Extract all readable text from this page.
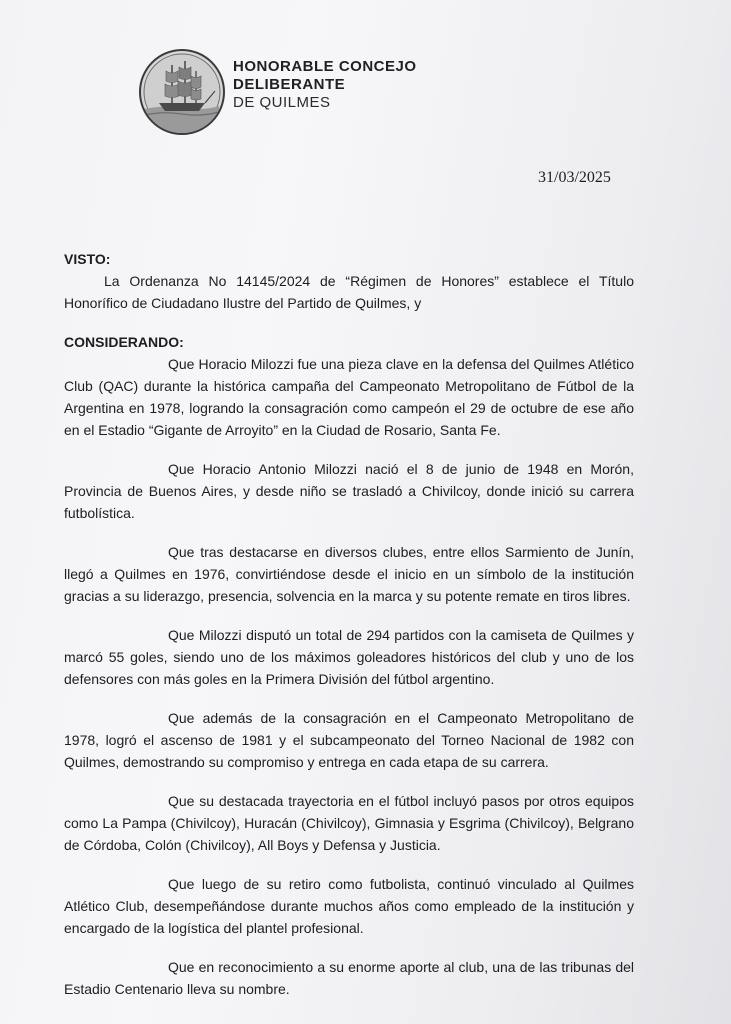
HONORABLE CONCEJO
DELIBERANTE
DE QUILMES
31/03/2025
VISTO:

La Ordenanza No 14145/2024 de “Régimen de Honores” establece el Título Honorífico de Ciudadano Ilustre del Partido de Quilmes, y

CONSIDERANDO:

Que Horacio Milozzi fue una pieza clave en la defensa del Quilmes Atlético Club (QAC) durante la histórica campaña del Campeonato Metropolitano de Fútbol de la Argentina en 1978, logrando la consagración como campeón el 29 de octubre de ese año en el Estadio “Gigante de Arroyito” en la Ciudad de Rosario, Santa Fe.

Que Horacio Antonio Milozzi nació el 8 de junio de 1948 en Morón, Provincia de Buenos Aires, y desde niño se trasladó a Chivilcoy, donde inició su carrera futbolística.

Que tras destacarse en diversos clubes, entre ellos Sarmiento de Junín, llegó a Quilmes en 1976, convirtiéndose desde el inicio en un símbolo de la institución gracias a su liderazgo, presencia, solvencia en la marca y su potente remate en tiros libres.

Que Milozzi disputó un total de 294 partidos con la camiseta de Quilmes y marcó 55 goles, siendo uno de los máximos goleadores históricos del club y uno de los defensores con más goles en la Primera División del fútbol argentino.

Que además de la consagración en el Campeonato Metropolitano de 1978, logró el ascenso de 1981 y el subcampeonato del Torneo Nacional de 1982 con Quilmes, demostrando su compromiso y entrega en cada etapa de su carrera.

Que su destacada trayectoria en el fútbol incluyó pasos por otros equipos como La Pampa (Chivilcoy), Huracán (Chivilcoy), Gimnasia y Esgrima (Chivilcoy), Belgrano de Córdoba, Colón (Chivilcoy), All Boys y Defensa y Justicia.

Que luego de su retiro como futbolista, continuó vinculado al Quilmes Atlético Club, desempeñándose durante muchos años como empleado de la institución y encargado de la logística del plantel profesional.

Que en reconocimiento a su enorme aporte al club, una de las tribunas del Estadio Centenario lleva su nombre.
